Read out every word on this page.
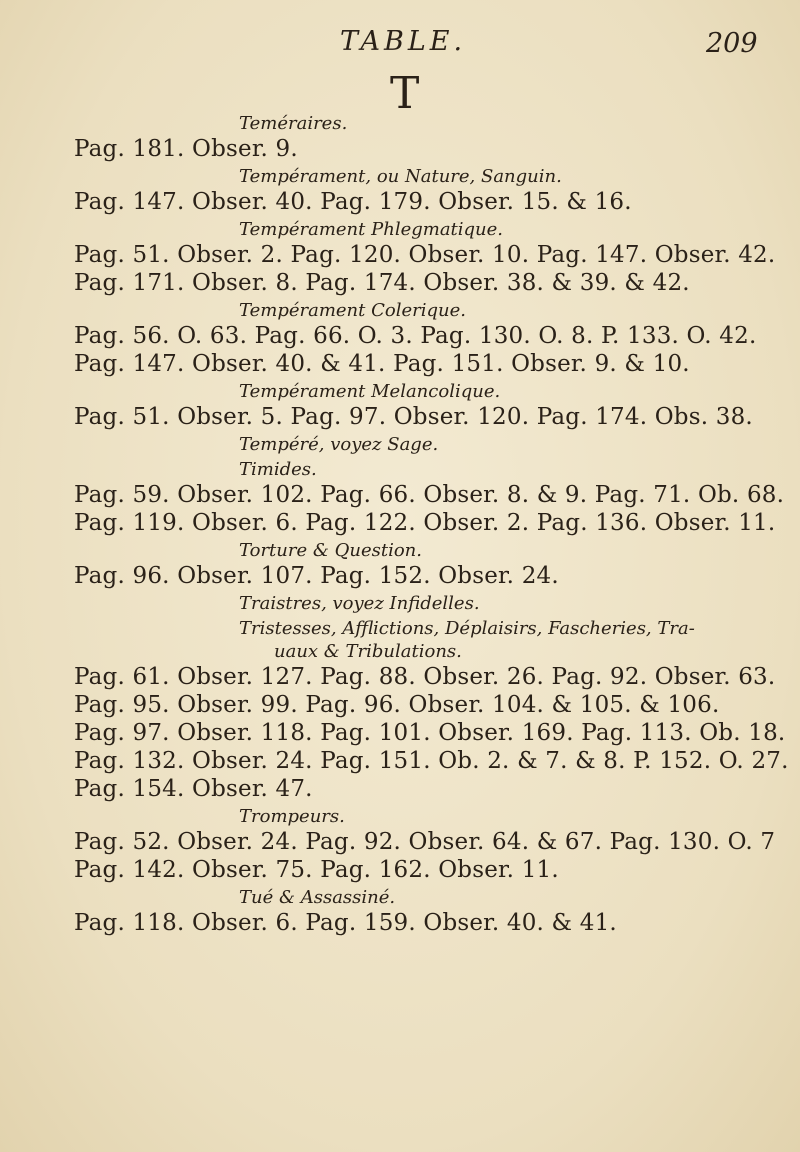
TABLE.	209
T
Teméraires.
Pag. 181. Obser. 9.
Tempérament, ou Nature, Sanguin.
Pag. 147. Obser. 40. Pag. 179. Obser. 15. & 16.
Tempérament Phlegmatique.
Pag. 51. Obser. 2. Pag. 120. Obser. 10. Pag. 147. Obser. 42.
Pag. 171. Obser. 8. Pag. 174. Obser. 38. & 39. & 42.
Tempérament Colerique.
Pag. 56. O. 63. Pag. 66. O. 3. Pag. 130. O. 8. P. 133. O. 42.
Pag. 147. Obser. 40. & 41. Pag. 151. Obser. 9. & 10.
Tempérament Melancolique.
Pag. 51. Obser. 5. Pag. 97. Obser. 120. Pag. 174. Obs. 38.
Tempéré, voyez Sage.
Timides.
Pag. 59. Obser. 102. Pag. 66. Obser. 8. & 9. Pag. 71. Ob. 68.
Pag. 119. Obser. 6. Pag. 122. Obser. 2. Pag. 136. Obser. 11.
Torture & Question.
Pag. 96. Obser. 107. Pag. 152. Obser. 24.
Traistres, voyez Infidelles.
Tristesses, Afflictions, Déplaisirs, Fascheries, Tra-
uaux & Tribulations.
Pag. 61. Obser. 127. Pag. 88. Obser. 26. Pag. 92. Obser. 63.
Pag. 95. Obser. 99. Pag. 96. Obser. 104. & 105. & 106.
Pag. 97. Obser. 118. Pag. 101. Obser. 169. Pag. 113. Ob. 18.
Pag. 132. Obser. 24. Pag. 151. Ob. 2. & 7. & 8. P. 152. O. 27.
Pag. 154. Obser. 47.
Trompeurs.
Pag. 52. Obser. 24. Pag. 92. Obser. 64. & 67. Pag. 130. O. 7
Pag. 142. Obser. 75. Pag. 162. Obser. 11.
Tué & Assassiné.
Pag. 118. Obser. 6. Pag. 159. Obser. 40. & 41.
